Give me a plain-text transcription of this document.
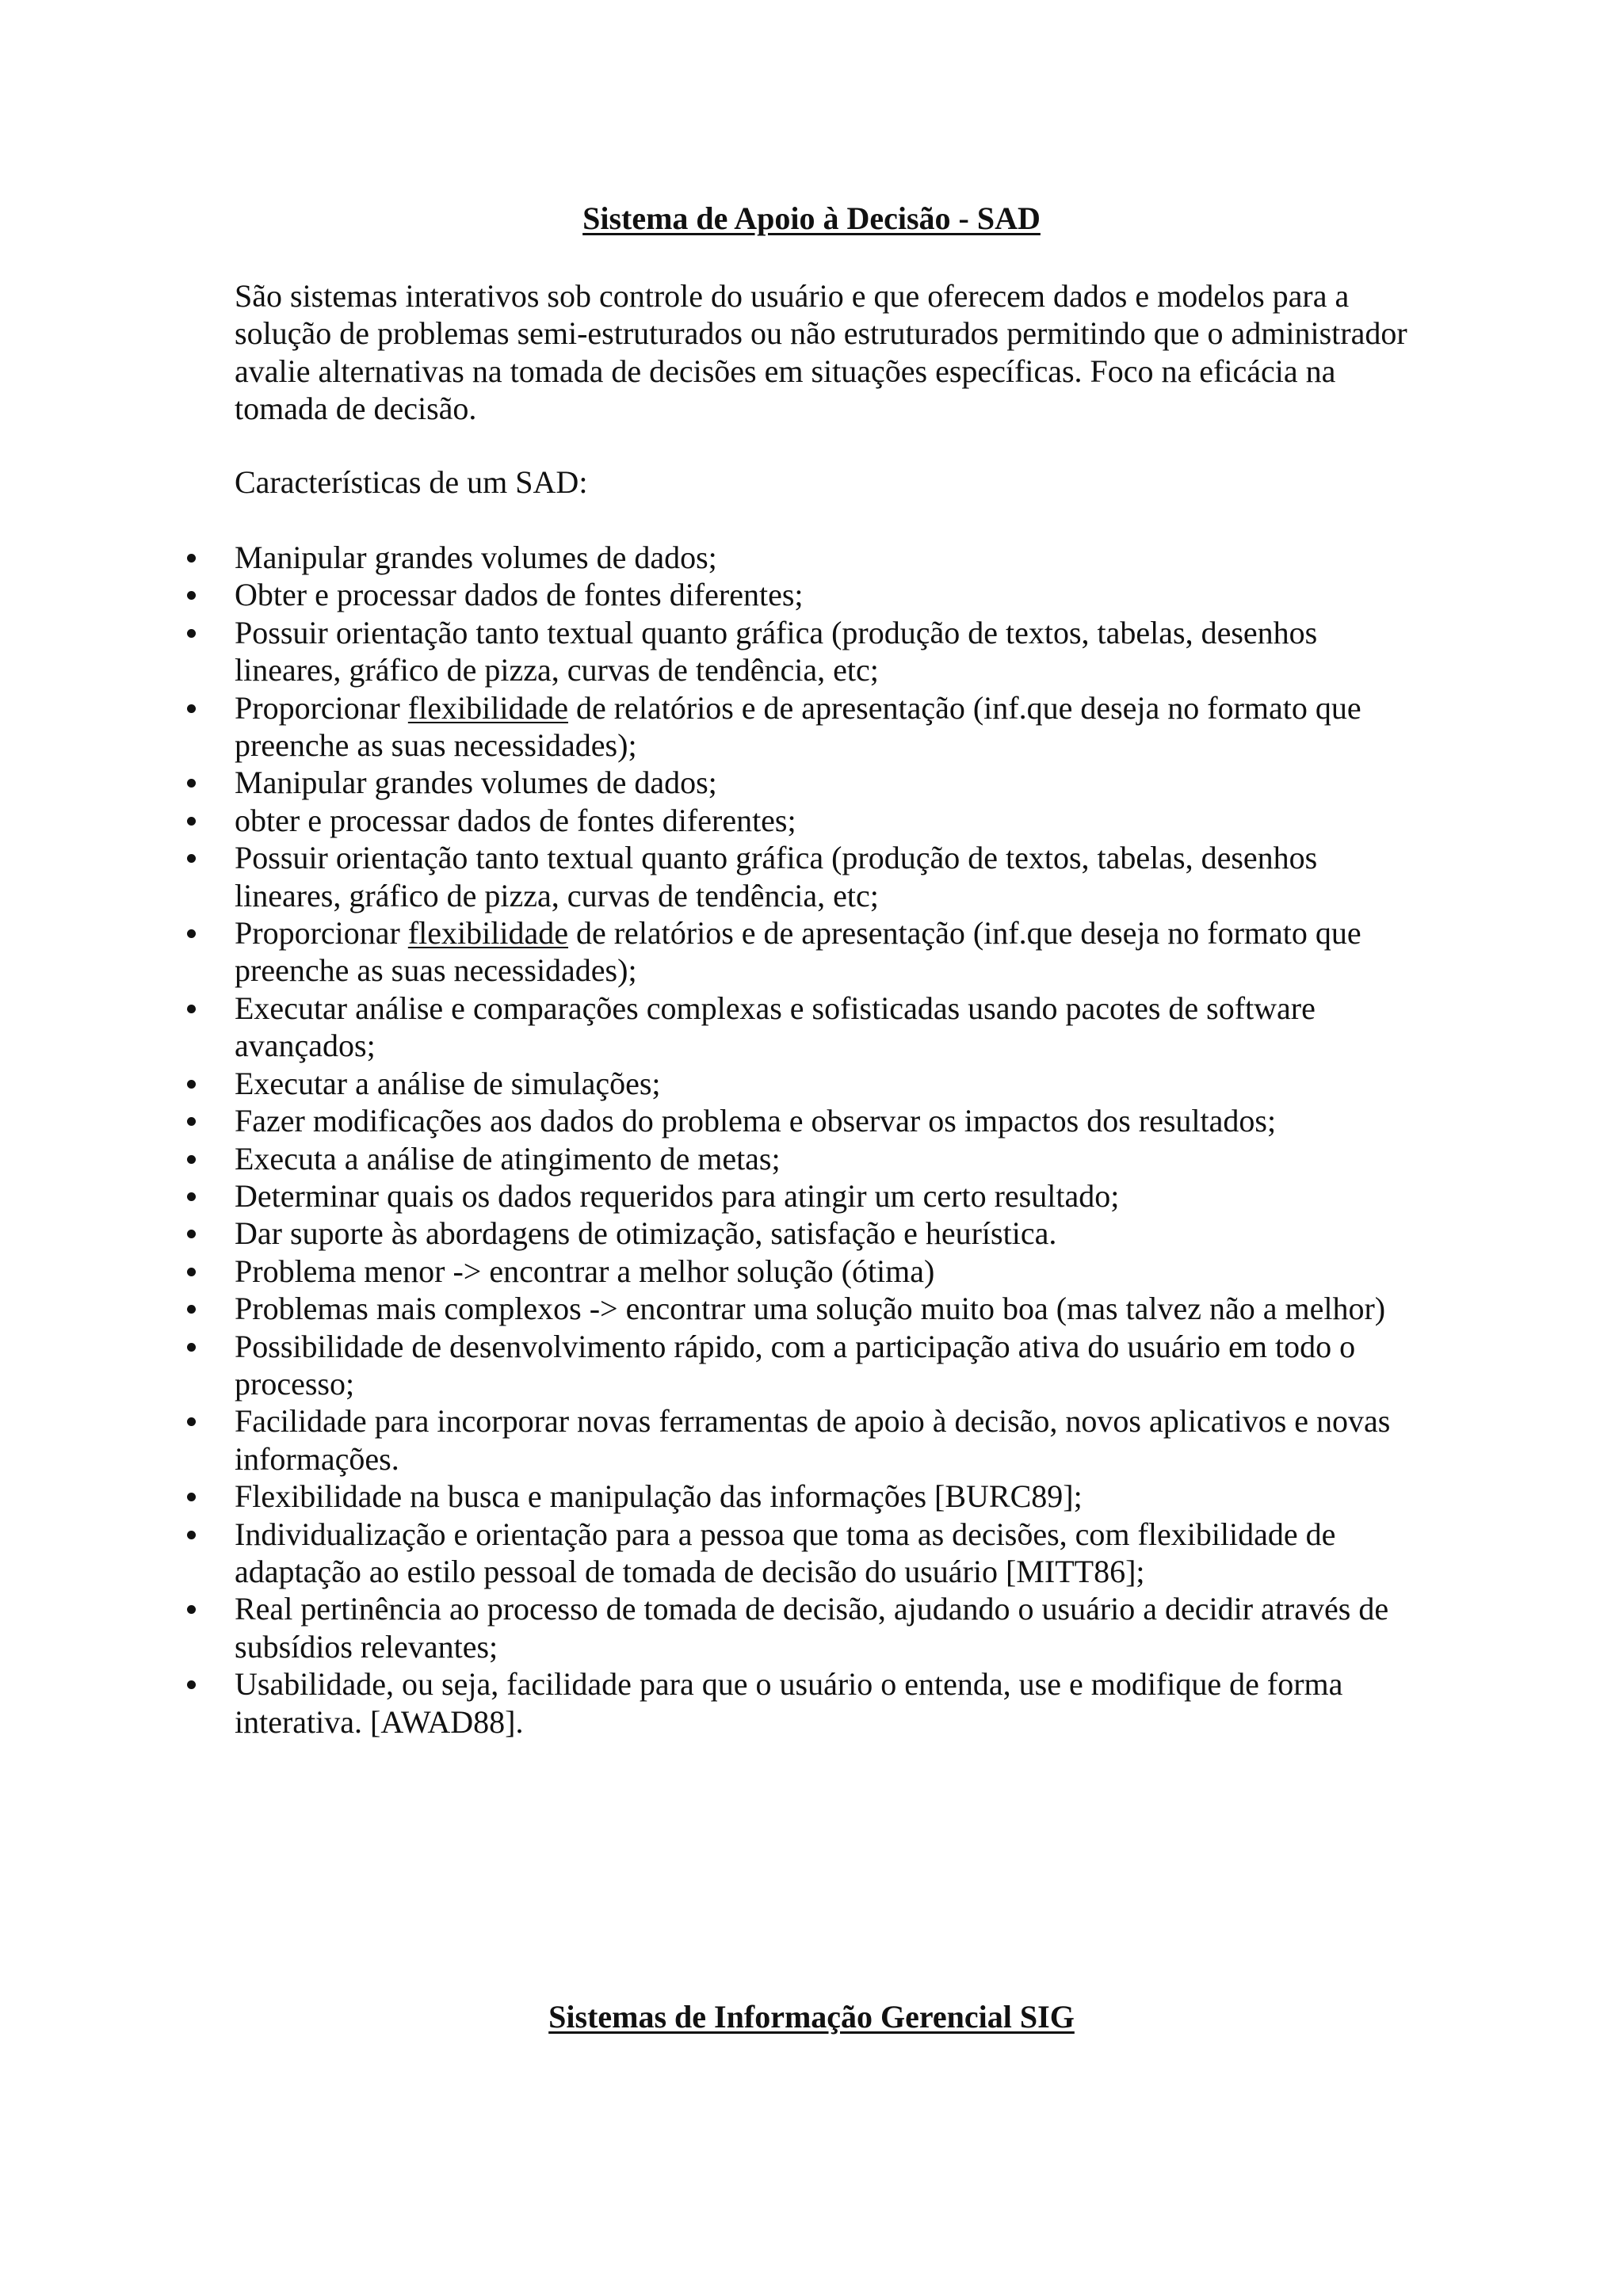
Sistema de Apoio à Decisão - SAD

São sistemas interativos sob controle do usuário e que oferecem dados e modelos para a solução de problemas semi-estruturados ou não estruturados permitindo que o administrador avalie alternativas na tomada de decisões em situações específicas. Foco na eficácia na tomada de decisão.

Características de um SAD:

Manipular grandes volumes de dados;
Obter e processar dados de fontes diferentes;
Possuir orientação tanto textual quanto gráfica (produção de textos, tabelas, desenhos lineares, gráfico de pizza, curvas de tendência, etc;
Proporcionar flexibilidade de relatórios e de apresentação (inf.que deseja no formato que preenche as suas necessidades);
Manipular grandes volumes de dados;
obter e processar dados de fontes diferentes;
Possuir orientação tanto textual quanto gráfica (produção de textos, tabelas, desenhos lineares, gráfico de pizza, curvas de tendência, etc;
Proporcionar flexibilidade de relatórios e de apresentação (inf.que deseja no formato que preenche as suas necessidades);
Executar análise e comparações complexas e sofisticadas usando pacotes de software avançados;
Executar a análise de simulações;
Fazer modificações aos dados do problema e observar os impactos dos resultados;
Executa a análise de atingimento de metas;
Determinar quais os dados requeridos para atingir um certo resultado;
Dar suporte às abordagens de otimização, satisfação e heurística.
Problema menor -> encontrar a melhor solução (ótima)
Problemas mais complexos -> encontrar uma solução muito boa (mas talvez não a melhor)
Possibilidade de desenvolvimento rápido, com a participação ativa do usuário em todo o processo;
Facilidade para incorporar novas ferramentas de apoio à decisão, novos aplicativos e novas informações.
Flexibilidade na busca e manipulação das informações [BURC89];
Individualização e orientação para a pessoa que toma as decisões, com flexibilidade de adaptação ao estilo pessoal de tomada de decisão do usuário [MITT86];
Real pertinência ao processo de tomada de decisão, ajudando o usuário a decidir através de subsídios relevantes;
Usabilidade, ou seja, facilidade para que o usuário o entenda, use e modifique de forma interativa. [AWAD88].
Sistemas de Informação Gerencial SIG
